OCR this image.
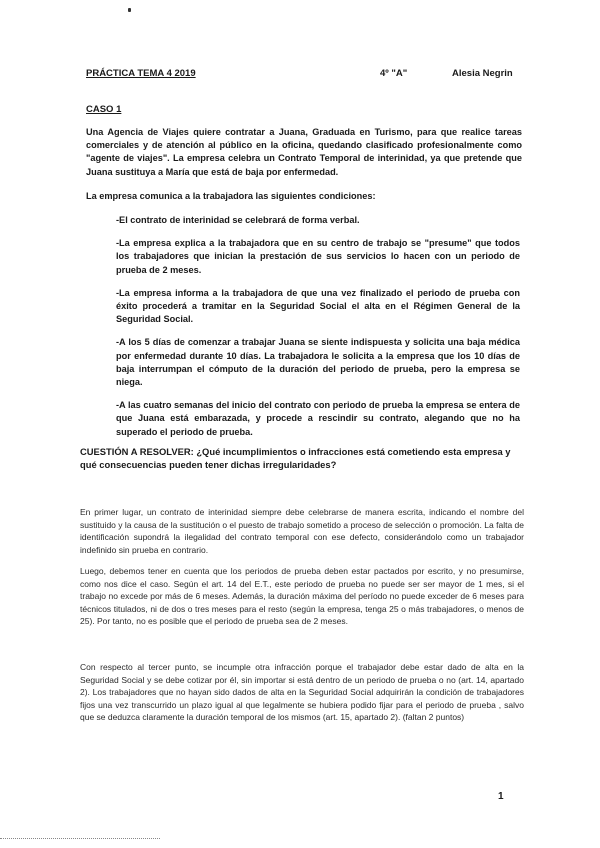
PRÁCTICA TEMA 4 2019	4º "A"	Alesia Negrin
CASO 1
Una Agencia de Viajes quiere contratar a Juana, Graduada en Turismo, para que realice tareas comerciales y de atención al público en la oficina, quedando clasificado profesionalmente como "agente de viajes". La empresa celebra un Contrato Temporal de interinidad, ya que pretende que Juana sustituya a María que está de baja por enfermedad.
La empresa comunica a la trabajadora las siguientes condiciones:
-El contrato de interinidad se celebrará de forma verbal.
-La empresa explica a la trabajadora que en su centro de trabajo se "presume" que todos los trabajadores que inician la prestación de sus servicios lo hacen con un periodo de prueba de 2 meses.
-La empresa informa a la trabajadora de que una vez finalizado el periodo de prueba con éxito procederá a tramitar en la Seguridad Social el alta en el Régimen General de la Seguridad Social.
-A los 5 días de comenzar a trabajar Juana se siente indispuesta y solicita una baja médica por enfermedad durante 10 días. La trabajadora le solicita a la empresa que los 10 días de baja interrumpan el cómputo de la duración del periodo de prueba, pero la empresa se niega.
-A las cuatro semanas del inicio del contrato con periodo de prueba la empresa se entera de que Juana está embarazada, y procede a rescindir su contrato, alegando que no ha superado el periodo de prueba.
CUESTIÓN A RESOLVER: ¿Qué incumplimientos o infracciones está cometiendo esta empresa y qué consecuencias pueden tener dichas irregularidades?
En primer lugar, un contrato de interinidad siempre debe celebrarse de manera escrita, indicando el nombre del sustituido y la causa de la sustitución o el puesto de trabajo sometido a proceso de selección o promoción. La falta de identificación supondrá la ilegalidad del contrato temporal con ese defecto, considerándolo como un trabajador indefinido sin prueba en contrario.
Luego, debemos tener en cuenta que los periodos de prueba deben estar pactados por escrito, y no presumirse, como nos dice el caso. Según el art. 14 del E.T., este periodo de prueba no puede ser ser mayor de 1 mes, si el trabajo no excede por más de 6 meses. Además, la duración máxima del período no puede exceder de 6 meses para técnicos titulados, ni de dos o tres meses para el resto (según la empresa, tenga 25 o más trabajadores, o menos de 25). Por tanto, no es posible que el periodo de prueba sea de 2 meses.
Con respecto al tercer punto, se incumple otra infracción porque el trabajador debe estar dado de alta en la Seguridad Social y se debe cotizar por él, sin importar si está dentro de un periodo de prueba o no (art. 14, apartado 2). Los trabajadores que no hayan sido dados de alta en la Seguridad Social adquirirán la condición de trabajadores fijos una vez transcurrido un plazo igual al que legalmente se hubiera podido fijar para el periodo de prueba , salvo que se deduzca claramente la duración temporal de los mismos (art. 15, apartado 2). (faltan 2 puntos)
1
